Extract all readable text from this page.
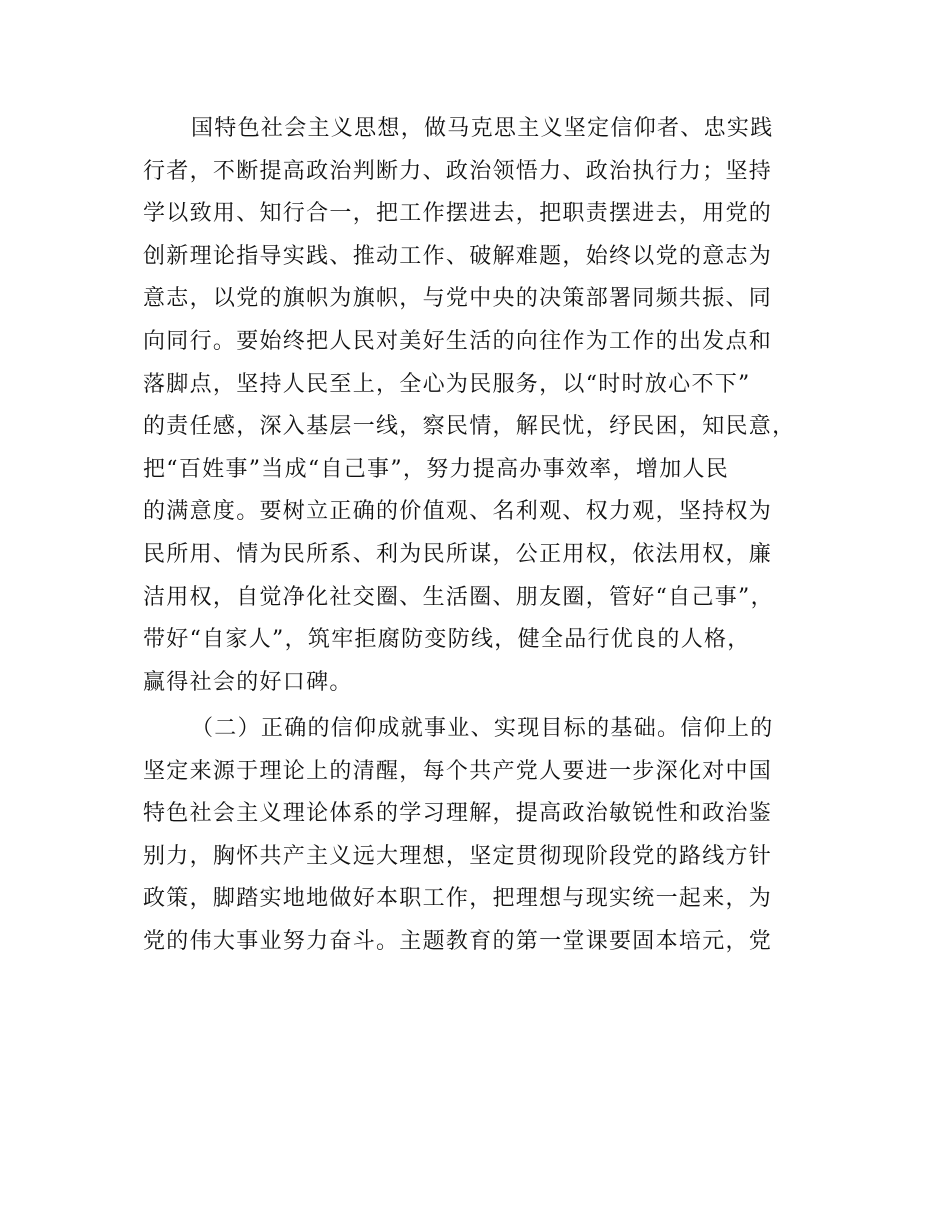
国特色社会主义思想，做马克思主义坚定信仰者、忠实践
行者，不断提高政治判断力、政治领悟力、政治执行力；坚持
学以致用、知行合一，把工作摆进去，把职责摆进去，用党的
创新理论指导实践、推动工作、破解难题，始终以党的意志为
意志，以党的旗帜为旗帜，与党中央的决策部署同频共振、同
向同行。要始终把人民对美好生活的向往作为工作的出发点和
落脚点，坚持人民至上，全心为民服务，以“时时放心不下”
的责任感，深入基层一线，察民情，解民忧，纾民困，知民意，
把“百姓事”当成“自己事”，努力提高办事效率，增加人民
的满意度。要树立正确的价值观、名利观、权力观，坚持权为
民所用、情为民所系、利为民所谋，公正用权，依法用权，廉
洁用权，自觉净化社交圈、生活圈、朋友圈，管好“自己事”，
带好“自家人”，筑牢拒腐防变防线，健全品行优良的人格，
赢得社会的好口碑。
（二）正确的信仰成就事业、实现目标的基础。信仰上的
坚定来源于理论上的清醒，每个共产党人要进一步深化对中国
特色社会主义理论体系的学习理解，提高政治敏锐性和政治鉴
别力，胸怀共产主义远大理想，坚定贯彻现阶段党的路线方针
政策，脚踏实地地做好本职工作，把理想与现实统一起来，为
党的伟大事业努力奋斗。主题教育的第一堂课要固本培元，党
